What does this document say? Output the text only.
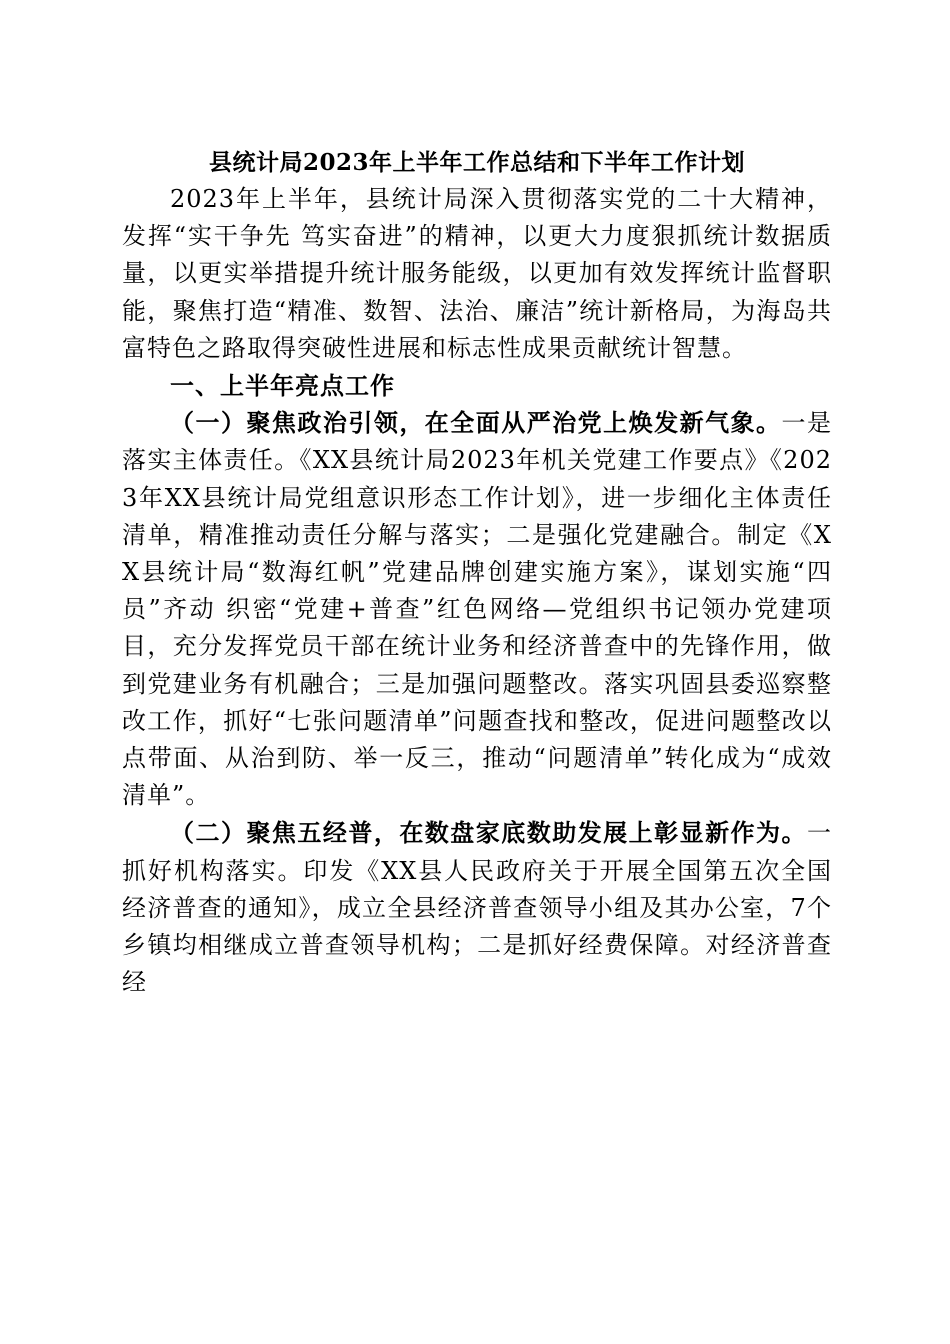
县统计局2023年上半年工作总结和下半年工作计划

2023年上半年，县统计局深入贯彻落实党的二十大精神，发挥“实干争先 笃实奋进”的精神，以更大力度狠抓统计数据质量，以更实举措提升统计服务能级，以更加有效发挥统计监督职能，聚焦打造“精准、数智、法治、廉洁”统计新格局，为海岛共富特色之路取得突破性进展和标志性成果贡献统计智慧。

一、上半年亮点工作

（一）聚焦政治引领，在全面从严治党上焕发新气象。一是落实主体责任。《XX县统计局2023年机关党建工作要点》《2023年XX县统计局党组意识形态工作计划》，进一步细化主体责任清单，精准推动责任分解与落实；二是强化党建融合。制定《XX县统计局“数海红帆”党建品牌创建实施方案》，谋划实施“四员”齐动 织密“党建+普查”红色网络—党组织书记领办党建项目，充分发挥党员干部在统计业务和经济普查中的先锋作用，做到党建业务有机融合；三是加强问题整改。落实巩固县委巡察整改工作，抓好“七张问题清单”问题查找和整改，促进问题整改以点带面、从治到防、举一反三，推动“问题清单”转化成为“成效清单”。

（二）聚焦五经普，在数盘家底数助发展上彰显新作为。一抓好机构落实。印发《XX县人民政府关于开展全国第五次全国经济普查的通知》，成立全县经济普查领导小组及其办公室，7个乡镇均相继成立普查领导机构；二是抓好经费保障。对经济普查经
